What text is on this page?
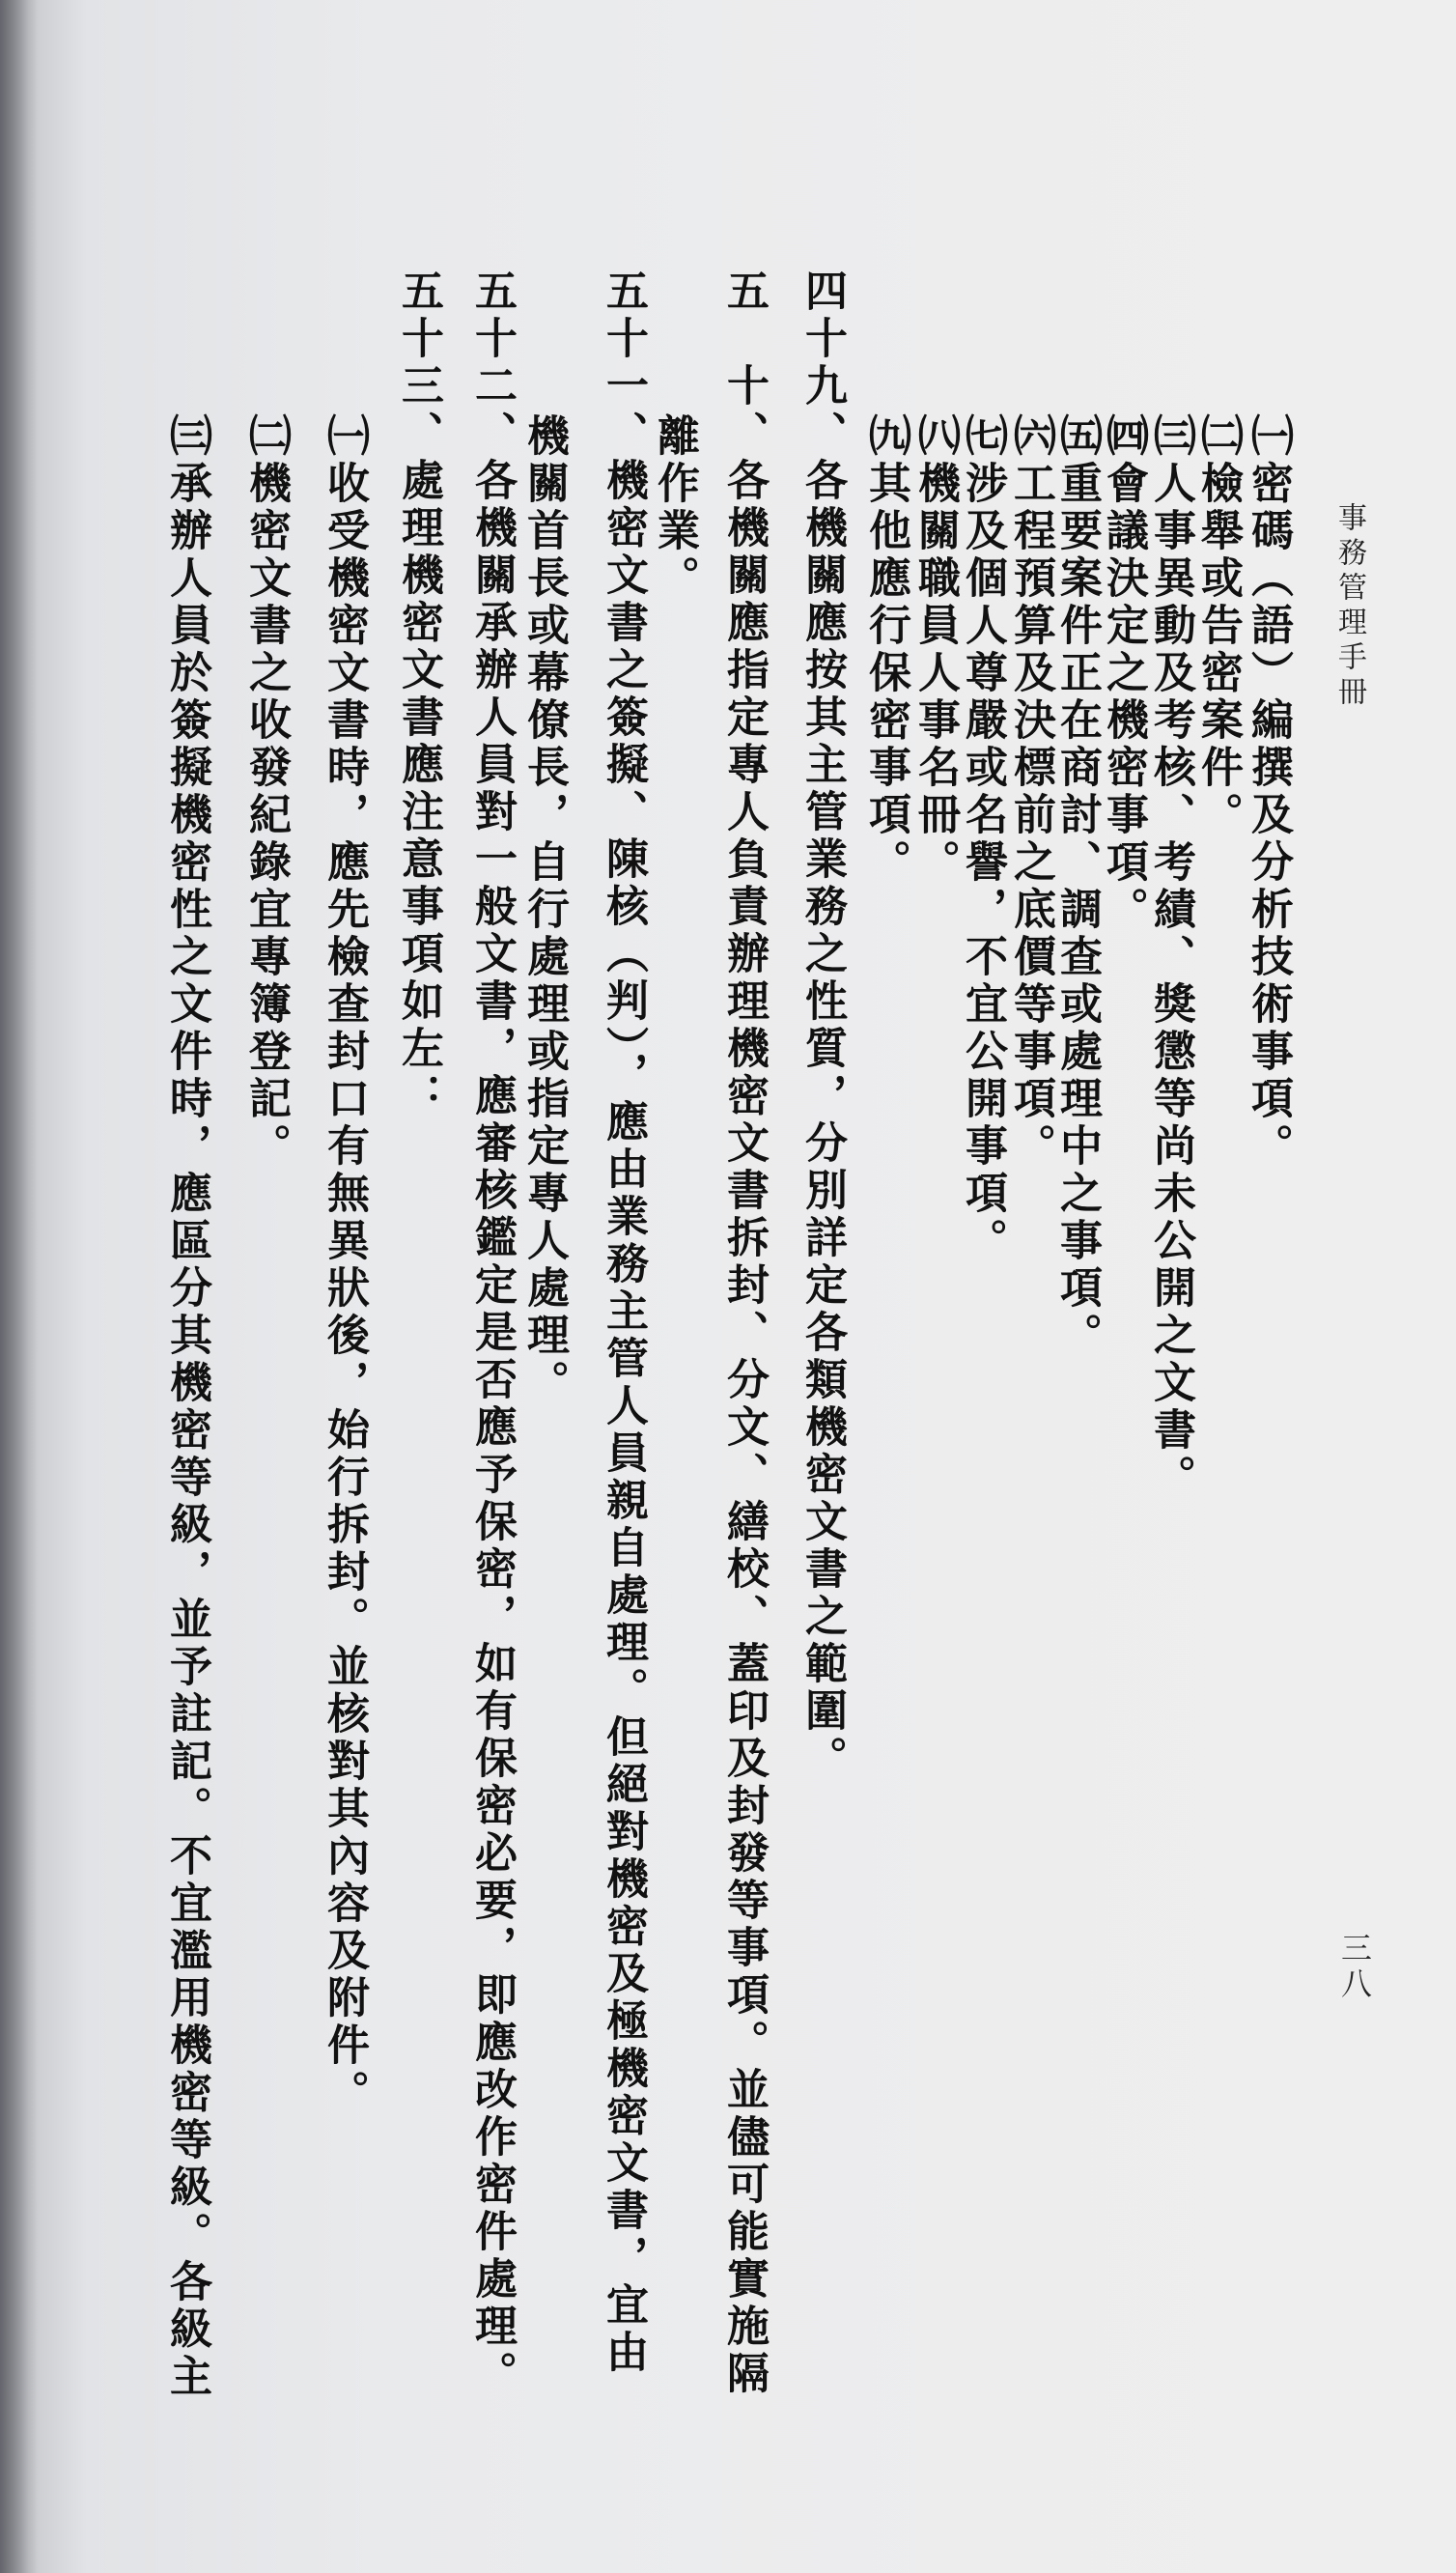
事務管理手冊
三八
㈠密碼（語）編撰及分析技術事項。
㈡檢舉或告密案件。
㈢人事異動及考核、考績、獎懲等尚未公開之文書。
㈣會議決定之機密事項。
㈤重要案件正在商討、調查或處理中之事項。
㈥工程預算及決標前之底價等事項。
㈦涉及個人尊嚴或名譽，不宜公開事項。
㈧機關職員人事名冊。
㈨其他應行保密事項。
四十九、各機關應按其主管業務之性質，分別詳定各類機密文書之範圍。
五　十、各機關應指定專人負責辦理機密文書拆封、分文、繕校、蓋印及封發等事項。並儘可能實施隔
離作業。
五十一、機密文書之簽擬、陳核（判），應由業務主管人員親自處理。但絕對機密及極機密文書，宜由
機關首長或幕僚長，自行處理或指定專人處理。
五十二、各機關承辦人員對一般文書，應審核鑑定是否應予保密，如有保密必要，即應改作密件處理。
五十三、處理機密文書應注意事項如左：
㈠收受機密文書時，應先檢查封口有無異狀後，始行拆封。並核對其內容及附件。
㈡機密文書之收發紀錄宜專簿登記。
㈢承辦人員於簽擬機密性之文件時，應區分其機密等級，並予註記。不宜濫用機密等級。各級主
